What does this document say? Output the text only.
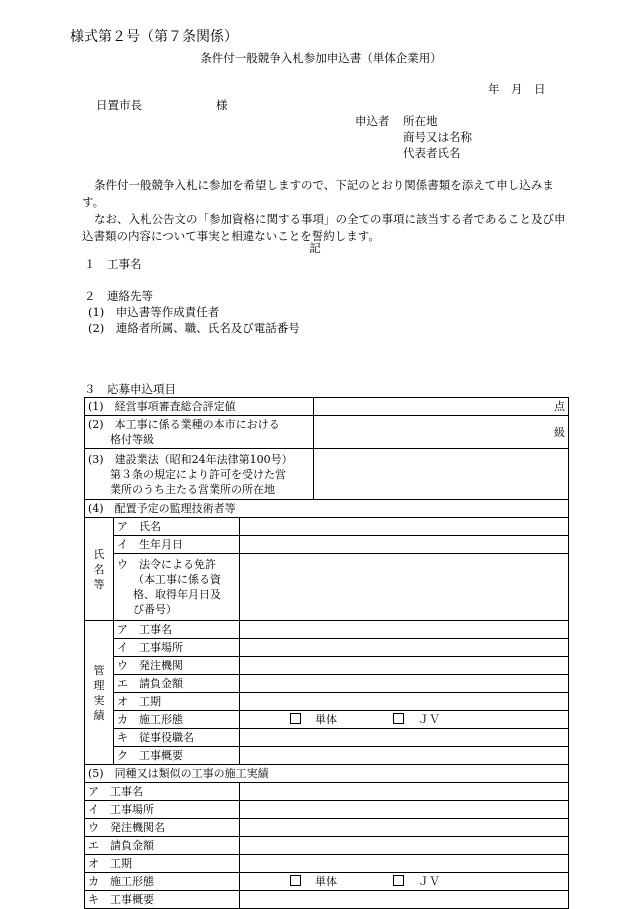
様式第２号（第７条関係）
条件付一般競争入札参加申込書（単体企業用）
年　月　日
日置市長	様
申込者 所在地
商号又は名称
代表者氏名

条件付一般競争入札に参加を希望しますので、下記のとおり関係書類を添えて申し込みます。

なお、入札公告文の「参加資格に関する事項」の全ての事項に該当する者であること及び申込書類の内容について事実と相違ないことを誓約します。

記
１　工事名
２　連絡先等
(1)　申込書等作成責任者
(2)　連絡者所属、職、氏名及び電話番号
３　応募申込項目
(1)　経営事項審査総合評定値			点

(2)　本工事に係る業種の本市における
格付等級			級

(3)　建設業法（昭和24年法律第100号）
第３条の規定により許可を受けた営
業所のうち主たる営業所の所在地			

(4)　配置予定の監理技術者等			

氏
名
等	ア　氏名		
	イ　生年月日		

	ウ　法令による免許
（本工事に係る資
格、取得年月日及
び番号）		

管
理
実
績	ア　工事名		
	イ　工事場所		
	ウ　発注機関		
	エ　請負金額		
	オ　工期		
	カ　施工形態	単体 ＪＶ	
	キ　従事役職名		
	ク　工事概要		
(5)　同種又は類似の工事の施工実績			
ア　工事名			
イ　工事場所			
ウ　発注機関名			
エ　請負金額			
オ　工期			
カ　施工形態		単体 ＪＶ	
キ　工事概要			
